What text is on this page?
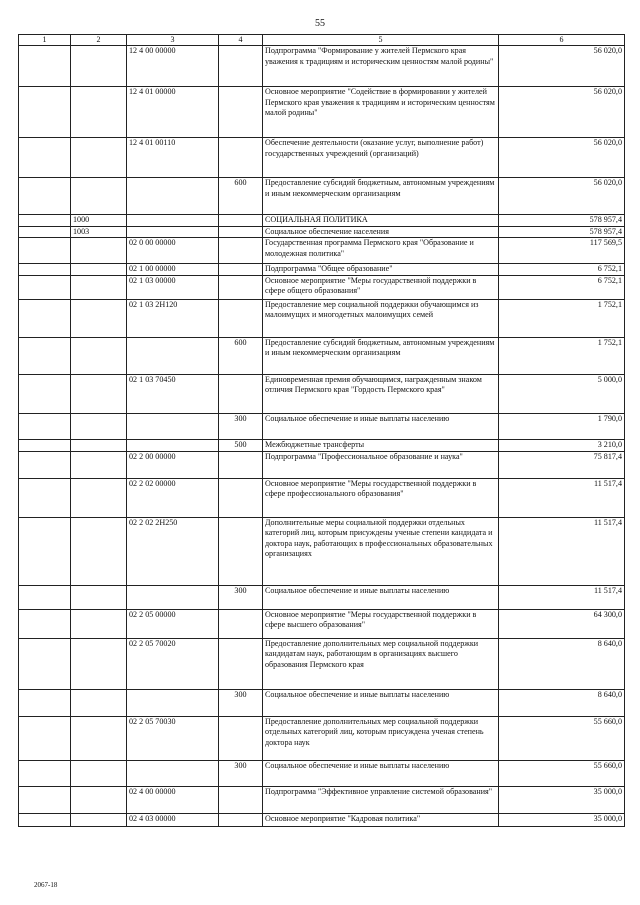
55
1	2	3	4	5	6
		12 4 00 00000		Подпрограмма "Формирование у жителей Пермского края уважения к традициям и историческим ценностям малой родины"	56 020,0
		12 4 01 00000		Основное мероприятие "Содействие в формировании у жителей Пермского края уважения к традициям и историческим ценностям малой родины"	56 020,0
		12 4 01 00110		Обеспечение деятельности (оказание услуг, выполнение работ) государственных учреждений (организаций)	56 020,0
			600	Предоставление субсидий бюджетным, автономным учреждениям и иным некоммерческим организациям	56 020,0
	1000			СОЦИАЛЬНАЯ ПОЛИТИКА	578 957,4
	1003			Социальное обеспечение населения	578 957,4
		02 0 00 00000		Государственная программа Пермского края "Образование и молодежная политика"	117 569,5
		02 1 00 00000		Подпрограмма "Общее образование"	6 752,1
		02 1 03 00000		Основное мероприятие "Меры государственной поддержки в сфере общего образования"	6 752,1
		02 1 03 2Н120		Предоставление мер социальной поддержки обучающимся из малоимущих и многодетных малоимущих семей	1 752,1
			600	Предоставление субсидий бюджетным, автономным учреждениям и иным некоммерческим организациям	1 752,1
		02 1 03 70450		Единовременная премия обучающимся, награжденным знаком отличия Пермского края "Гордость Пермского края"	5 000,0
			300	Социальное обеспечение и иные выплаты населению	1 790,0
			500	Межбюджетные трансферты	3 210,0
		02 2 00 00000		Подпрограмма "Профессиональное образование и наука"	75 817,4
		02 2 02 00000		Основное мероприятие "Меры государственной поддержки в сфере профессионального образования"	11 517,4
		02 2 02 2Н250		Дополнительные меры социальной поддержки отдельных категорий лиц, которым присуждены ученые степени кандидата и доктора наук, работающих в профессиональных образовательных организациях	11 517,4
			300	Социальное обеспечение и иные выплаты населению	11 517,4
		02 2 05 00000		Основное мероприятие "Меры государственной поддержки в сфере высшего образования"	64 300,0
		02 2 05 70020		Предоставление дополнительных мер социальной поддержки кандидатам наук, работающим в организациях высшего образования Пермского края	8 640,0
			300	Социальное обеспечение и иные выплаты населению	8 640,0
		02 2 05 70030		Предоставление дополнительных мер социальной поддержки отдельных категорий лиц, которым присуждена ученая степень доктора наук	55 660,0
			300	Социальное обеспечение и иные выплаты населению	55 660,0
		02 4 00 00000		Подпрограмма "Эффективное управление системой образования"	35 000,0
		02 4 03 00000		Основное мероприятие "Кадровая политика"	35 000,0
2067-18
